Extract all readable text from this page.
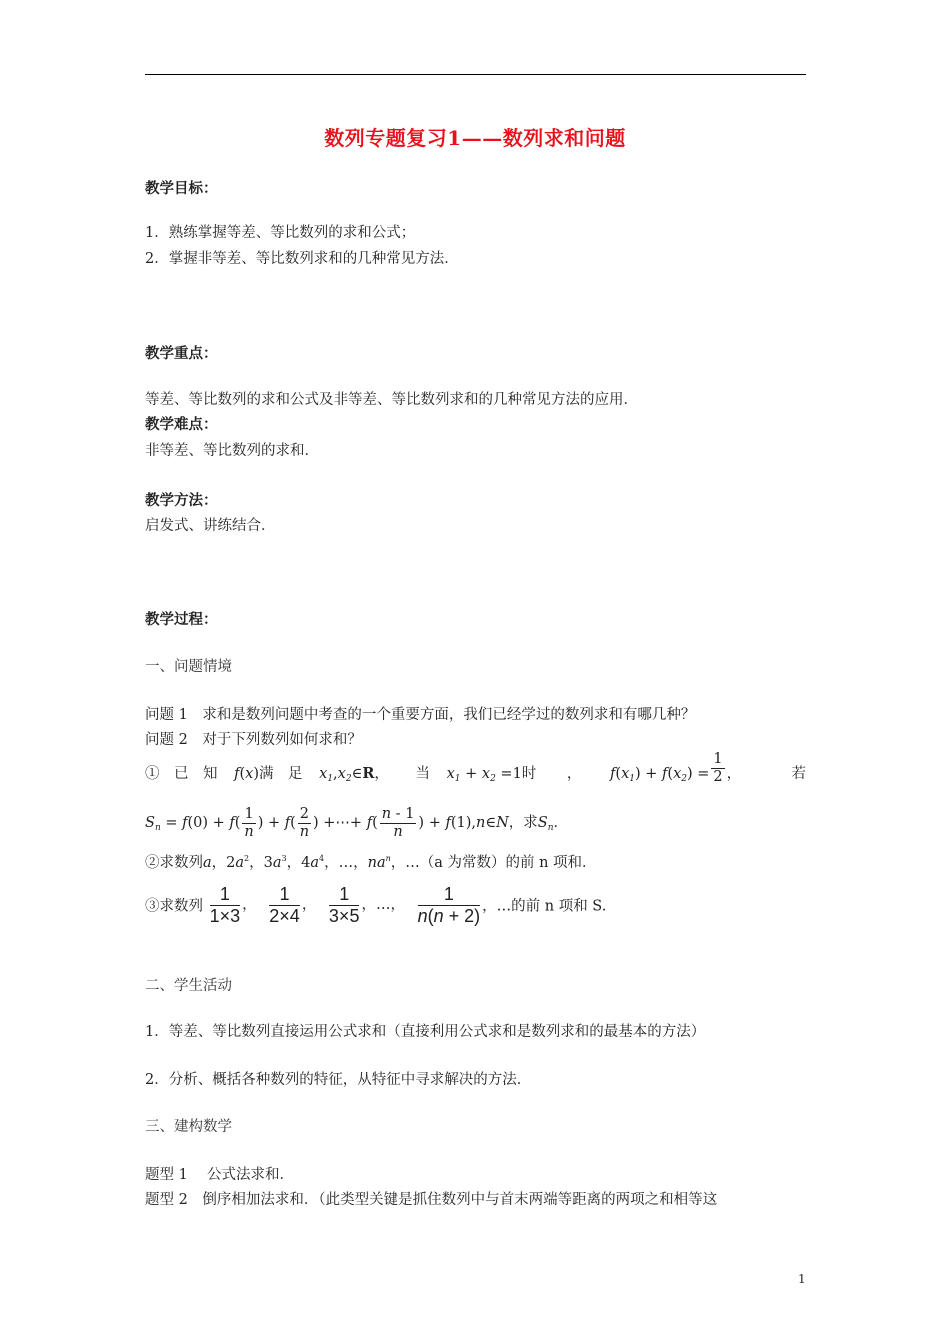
数列专题复习1——数列求和问题
教学目标：
1．熟练掌握等差、等比数列的求和公式；
2．掌握非等差、等比数列求和的几种常见方法．
教学重点：
等差、等比数列的求和公式及非等差、等比数列求和的几种常见方法的应用．
教学难点：
非等差、等比数列的求和．
教学方法：
启发式、讲练结合．
教学过程：
一、问题情境
问题 1　求和是数列问题中考查的一个重要方面，我们已经学过的数列求和有哪几种？
问题 2　对于下列数列如何求和？
①　已　知 f(x)满　足 $x_1,x_2\in R$， 当 $x_1 + x_2 =1$时 ， $f(x_1) + f(x_2) = \frac{1}{2}$ ，	若
$S_n = f(0) + f( \frac{1}{n}$ ) + $f( \frac{2}{n}$ ) +⋯+ $f( \frac{n - 1}{n}$ ) + f(1),n∈N，求$S_n$．
②求数列a，$2a^2$，$3a^3$，$4a^4$，…，$na^n$，…（a 为常数）的前 n 项和．
③求数列 $\frac{1}{1\times 3}$ ， $\frac{1}{2\times 4}$ ， $\frac{1}{3\times 5}$ ，…， $\frac{1}{n(n + 2)}$ ，…的前 n 项和 S.
二、学生活动
1．等差、等比数列直接运用公式求和（直接利用公式求和是数列求和的最基本的方法）
2．分析、概括各种数列的特征，从特征中寻求解决的方法．
三、建构数学
题型 1　 公式法求和．
题型 2　倒序相加法求和．（此类型关键是抓住数列中与首末两端等距离的两项之和相等这
1
